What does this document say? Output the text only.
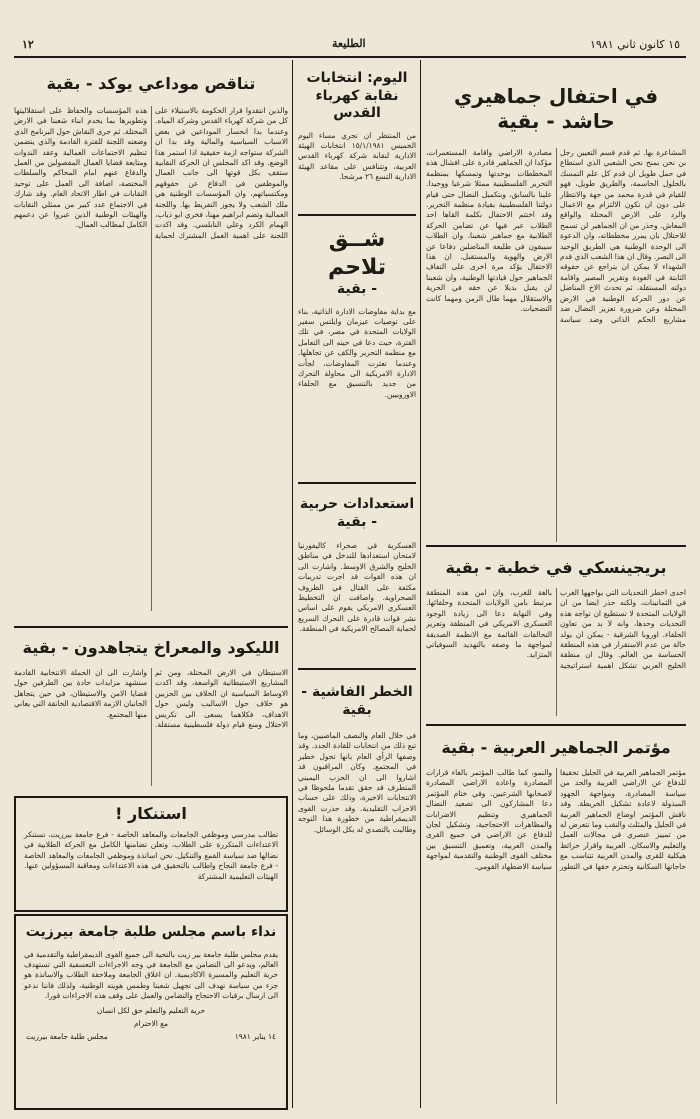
١٢	الطليعة	١٥ كانون ثاني ١٩٨١
في احتفال جماهيري حاشد - بقية
المشاعرة بها. ثم قدم قسم التعيين رجل بن نحن بمنح نحي الشعبي الذي استطاع في حمل طويل ان قدم كل علم التمسك بالحلول الحاسمة، والطريق طويل، فهو للقيام في قدرة محمد من جهة والانتظار على دون ان تكون الالتزام مع الاعمال والرد على الارض المحتلة والواقع المعاش. وحذر من ان الجماهير لن تسمح للاحتلال بان يمرر مخططاته، وان الدعوة الى الوحدة الوطنية هي الطريق الوحيد الى النصر. وقال ان هذا الشعب الذي قدم الشهداء لا يمكن ان يتراجع عن حقوقه الثابتة في العودة وتقرير المصير واقامة دولته المستقلة. ثم تحدث الاخ المناضل عن دور الحركة الوطنية في الارض المحتلة وعن ضرورة تعزيز النضال ضد مشاريع الحكم الذاتي وضد سياسة مصادرة الاراضي واقامة المستعمرات، مؤكدا ان الجماهير قادرة على افشال هذه المخططات بوحدتها وتمسكها بمنظمة التحرير الفلسطينية ممثلا شرعيا ووحيدا. علينا بالسابق، وبتكميل النضال حتى قيام دولتنا الفلسطينية بقيادة منظمة التحرير. وقد اختتم الاحتفال بكلمة القاها احد الطلاب عبر فيها عن تضامن الحركة الطلابية مع جماهير شعبنا، وان الطلاب سيبقون في طليعة المناضلين دفاعا عن الارض والهوية والمستقبل. ان هذا الاحتفال يؤكد مرة اخرى على التفاف الجماهير حول قيادتها الوطنية، وان شعبنا لن يقبل بديلا عن حقه في الحرية والاستقلال مهما طال الزمن ومهما كانت التضحيات.
بريجينسكي في خطبة - بقية
احدى اخطر التحديات التي يواجهها الغرب في الثمانينات، ولكنه حذر ايضا من ان الولايات المتحدة لا تستطيع ان تواجه هذه التحديات وحدها، وانه لا بد من تعاون الحلفاء. اوروبا الشرقية - يمكن ان يولد حالة من عدم الاستقرار في هذه المنطقة الحساسة من العالم. وقال ان منطقة الخليج العربي تشكل اهمية استراتيجية بالغة للغرب، وان امن هذه المنطقة مرتبط بامن الولايات المتحدة وحلفائها. وفي النهاية دعا الى زيادة الوجود العسكري الامريكي في المنطقة وتعزيز التحالفات القائمة مع الانظمة الصديقة لمواجهة ما وصفه بالتهديد السوفياتي المتزايد.
مؤتمر الجماهير العربية - بقية
مؤتمر الجماهير العربية في الجليل تحقيقا للدفاع عن الاراضي العربية والحد من سياسة المصادرة، ومواجهة الجهود المبذولة لاعادة تشكيل الخريطة. وقد ناقش المؤتمر اوضاع الجماهير العربية في الجليل والمثلث والنقب وما تتعرض له من تمييز عنصري في مجالات العمل والتعليم والاسكان. العربية واقرار خرائط هيكلية للقرى والمدن العربية تتناسب مع حاجاتها السكانية وتحترم حقها في التطور والنمو، كما طالب المؤتمر بالغاء قرارات المصادرة واعادة الاراضي المصادرة لاصحابها الشرعيين. وفي ختام المؤتمر دعا المشاركون الى تصعيد النضال الجماهيري وتنظيم الاضرابات والمظاهرات الاحتجاجية، وتشكيل لجان للدفاع عن الاراضي في جميع القرى والمدن العربية، وتعميق التنسيق بين مختلف القوى الوطنية والتقدمية لمواجهة سياسة الاضطهاد القومي.
اليوم: انتخابات
نقابة كهرباء القدس
من المنتظر ان تجري مساء اليوم الخميس ١٥/١/١٩٨١ انتخابات الهيئة الادارية لنقابة شركة كهرباء القدس العربية، وتتنافس على مقاعد الهيئة الادارية التسع ٢٦ مرشحا.
شــق
تلاحم
- بقية
مع بداية مفاوضات الادارة الذاتية، بناء على توصيات عيزمان وايلتس سفير الولايات المتحدة في مصر، في تلك الفترة، حيث دعا في حينه الى التعامل مع منظمة التحرير والكف عن تجاهلها. وعندما تعثرت المفاوضات، لجأت الادارة الامريكية الى محاولة التحرك من جديد بالتنسيق مع الحلفاء الاوروبيين.
استعدادات حربية - بقية
العسكرية في صحراء كاليفورنيا لامتحان استعدادها للتدخل في مناطق الخليج والشرق الاوسط. واشارت الى ان هذه القوات قد اجرت تدريبات مكثفة على القتال في الظروف الصحراوية. واضافت ان التخطيط العسكري الامريكي يقوم على اساس نشر قوات قادرة على التحرك السريع لحماية المصالح الامريكية في المنطقة.
الخطر الفاشية - بقية
في خلال العام والنصف الماضيين، وما تبع ذلك من انتخابات للقادة الجدد. وقد وصفها الرأي العام بانها تحول خطير في المجتمع. وكان المراقبون قد اشاروا الى ان الحزب اليميني المتطرف قد حقق تقدما ملحوظا في الانتخابات الاخيرة، وذلك على حساب الاحزاب التقليدية. وقد حذرت القوى الديمقراطية من خطورة هذا التوجه وطالبت بالتصدي له بكل الوسائل.
تناقص موداعي يوكد - بقية
والذين انتقدوا قرار الحكومة بالاستيلاء على كل من شركة كهرباء القدس وشركة المياه. وعندما بدا انحسار الموداعين في بعض الاسباب السياسية والمالية وقد بدا ان الشركة ستواجه ازمة حقيقية اذا استمر هذا الوضع. وقد اكد المجلس ان الحركة النقابية ستقف بكل قوتها الى جانب العمال والموظفين في الدفاع عن حقوقهم ومكتسباتهم، وان المؤسسات الوطنية هي ملك الشعب ولا يجوز التفريط بها. واللجنة العمالية وتضم ابراهيم مهنا، فخري ابو ذياب، الهمام الكرد وعلي النابلسي. وقد اكدت اللجنة على اهمية العمل المشترك لحماية هذه المؤسسات والحفاظ على استقلاليتها وتطويرها بما يخدم ابناء شعبنا في الارض المحتلة. ثم جرى النقاش حول البرنامج الذي وضعته اللجنة للفترة القادمة والذي يتضمن تنظيم الاجتماعات العمالية وعقد الندوات ومتابعة قضايا العمال المفصولين من العمل والدفاع عنهم امام المحاكم والسلطات المختصة، اضافة الى العمل على توحيد النقابات في اطار الاتحاد العام. وقد شارك في الاجتماع عدد كبير من ممثلي النقابات والهيئات الوطنية الذين عبروا عن دعمهم الكامل لمطالب العمال.
الليكود والمعراخ يتجاهدون - بقية
الاستيطان في الارض المحتلة، ومن ثم المشاريع الاستيطانية الواسعة، وقد اكدت الاوساط السياسية ان الخلاف بين الحزبين هو خلاف حول الاساليب وليس حول الاهداف، فكلاهما يسعى الى تكريس الاحتلال ومنع قيام دولة فلسطينية مستقلة. واشارت الى ان الحملة الانتخابية القادمة ستشهد مزايدات حادة بين الطرفين حول قضايا الامن والاستيطان، في حين يتجاهل الجانبان الازمة الاقتصادية الخانقة التي يعاني منها المجتمع.
استنكار !
تطالب مدرسي وموظفي الجامعات والمعاهد الخاصة - فرع جامعة بيرزيت، تستنكر الاعتداءات المتكررة على الطلاب، وتعلن تضامنها الكامل مع الحركة الطلابية في نضالها ضد سياسة القمع والتنكيل. نحن اساتذة وموظفي الجامعات والمعاهد الخاصة - فرع جامعة النجاح واطالب بالتحقيق في هذه الاعتداءات ومعاقبة المسؤولين عنها. الهيئات التعليمية المشتركة
نداء باسم مجلس طلبة جامعة بيرزيت
يقدم مجلس طلبة جامعة بير زيت بالتحية الى جميع القوى الديمقراطية والتقدمية في العالم، ويدعو الى التضامن مع الجامعة في وجه الاجراءات التعسفية التي تستهدف حرية التعليم والمسيرة الاكاديمية. ان اغلاق الجامعة وملاحقة الطلاب والاساتذة هو جزء من سياسة تهدف الى تجهيل شعبنا وطمس هويته الوطنية، ولذلك فاننا ندعو الى ارسال برقيات الاحتجاج والتضامن والعمل على وقف هذه الاجراءات فورا.
حرية التعليم والتعلم حق لكل انسان
مع الاحترام
١٤ يناير ١٩٨١
مجلس طلبة جامعة بيرزيت
